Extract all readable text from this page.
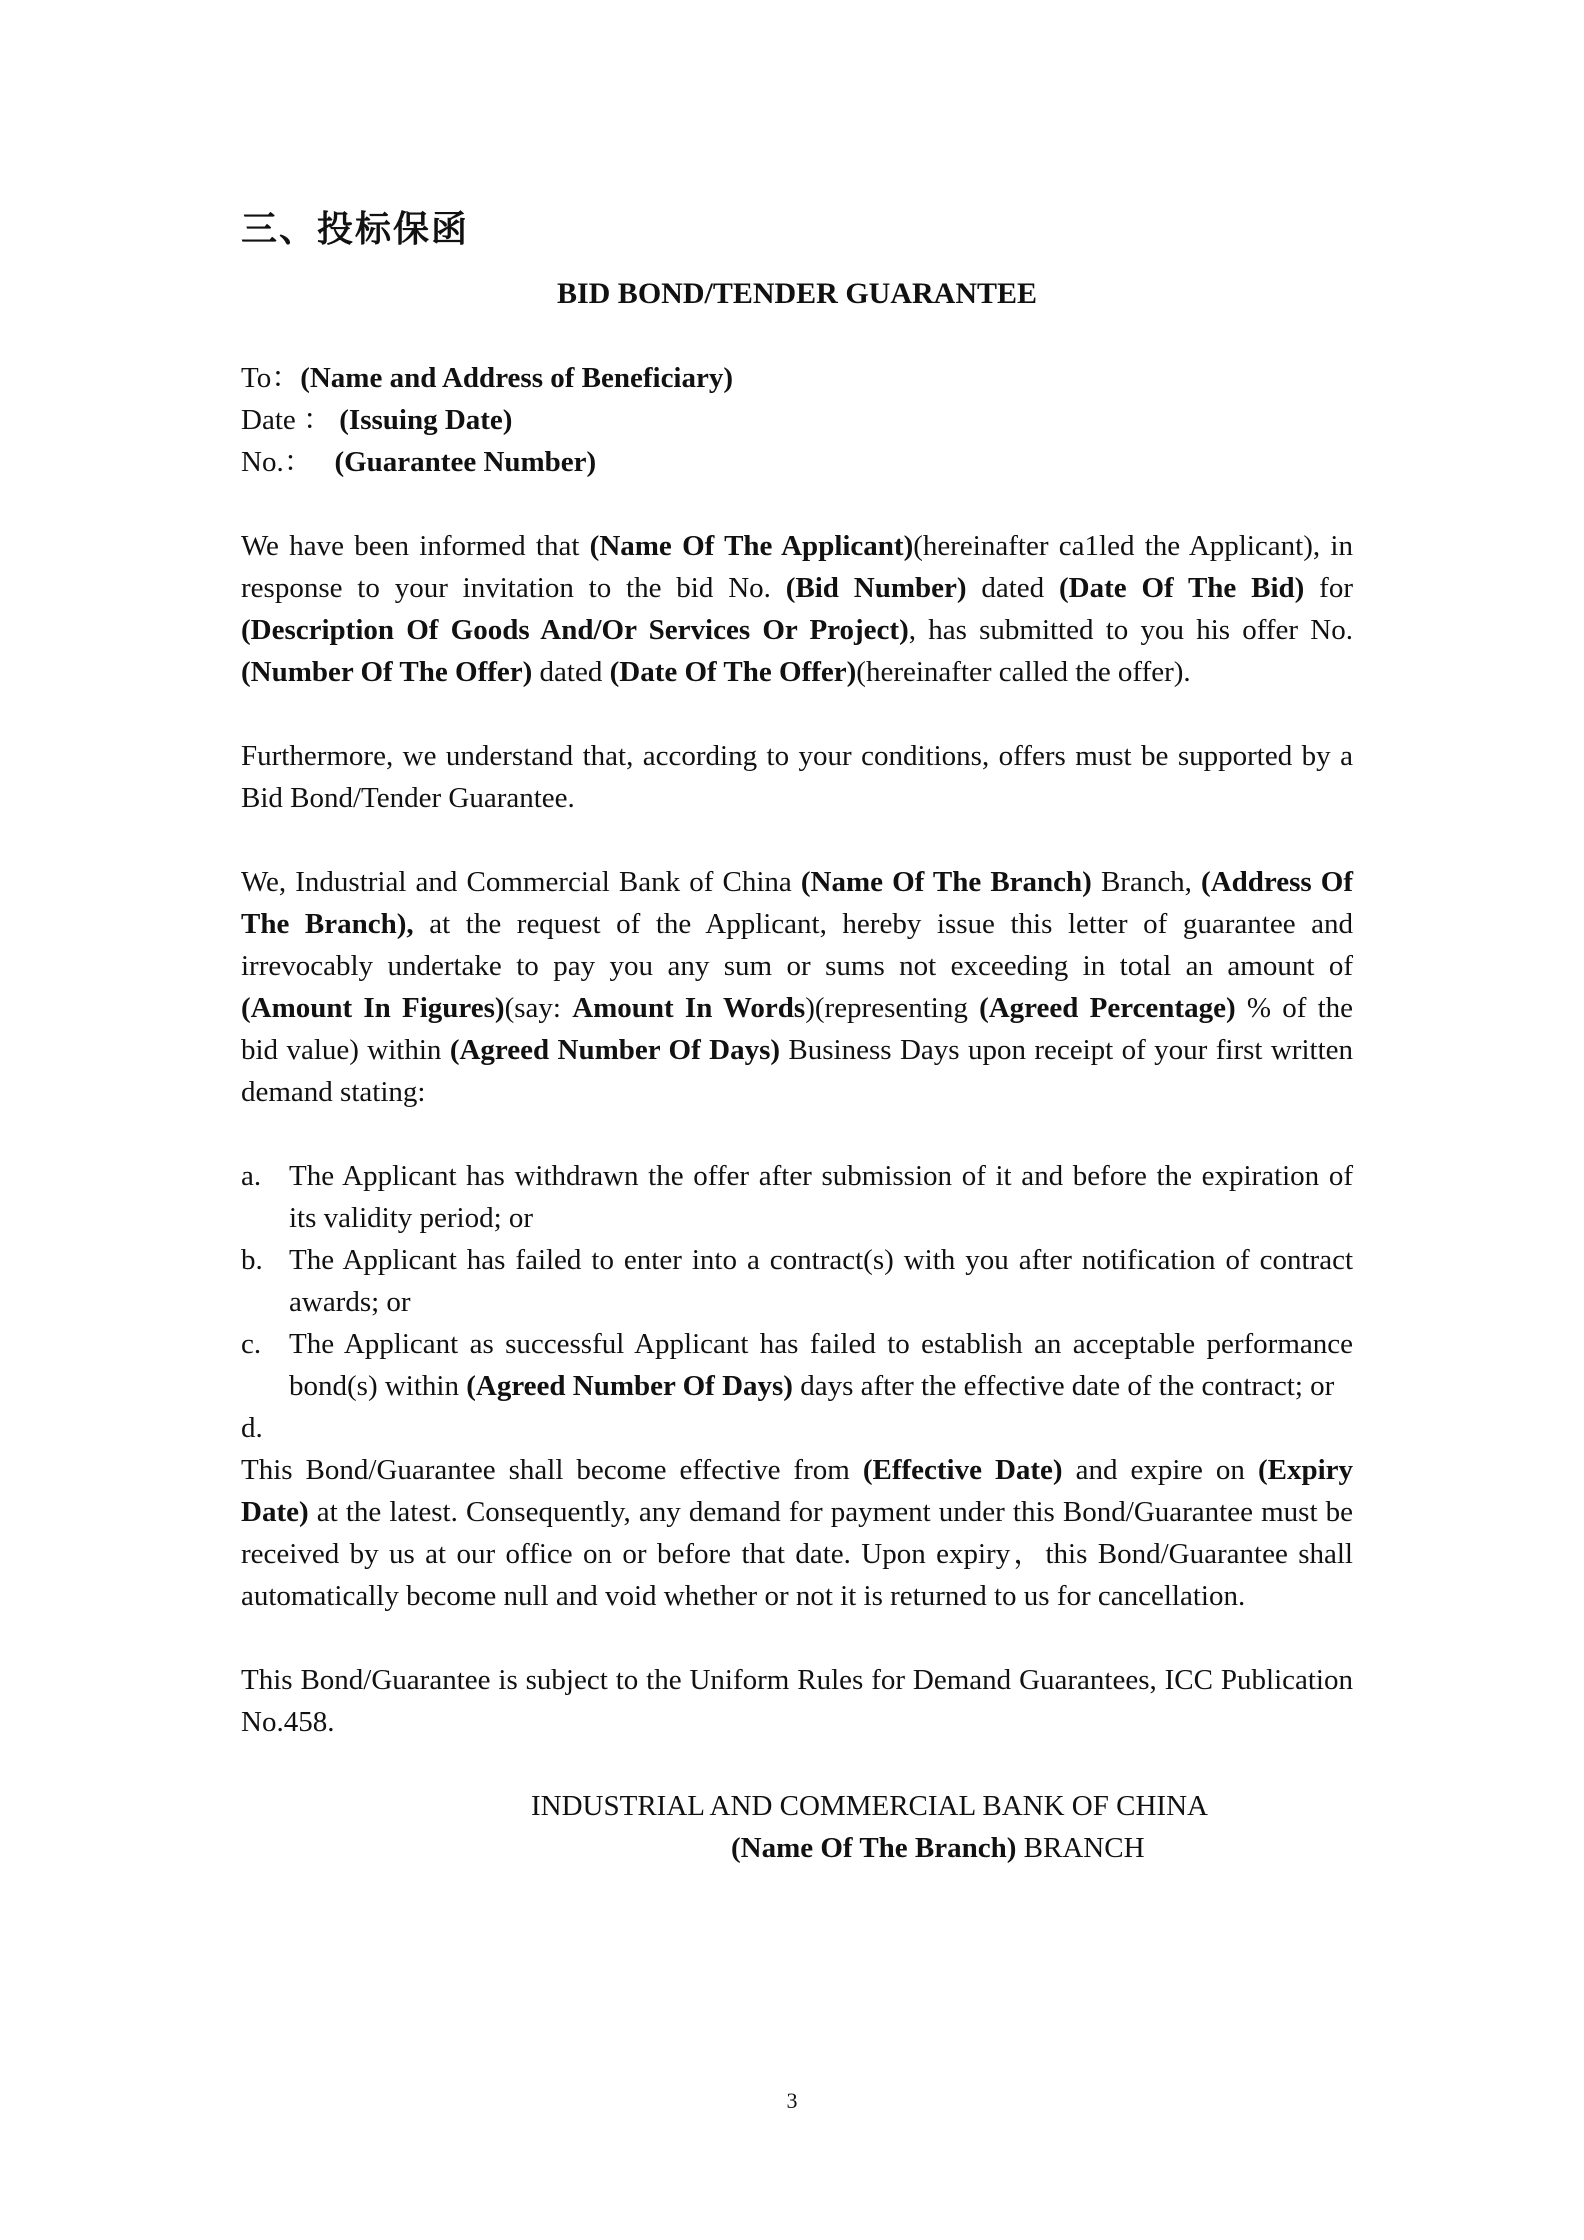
三、投标保函
BID BOND/TENDER GUARANTEE

To：(Name and Address of Beneficiary)

Date ： (Issuing Date)

No.： (Guarantee Number)

We have been informed that (Name Of The Applicant)(hereinafter ca1led the Applicant), in response to your invitation to the bid No. (Bid Number) dated (Date Of The Bid) for (Description Of Goods And/Or Services Or Project), has submitted to you his offer No. (Number Of The Offer) dated (Date Of The Offer)(hereinafter called the offer).

Furthermore, we understand that, according to your conditions, offers must be supported by a Bid Bond/Tender Guarantee.

We, Industrial and Commercial Bank of China (Name Of The Branch) Branch, (Address Of The Branch), at the request of the Applicant, hereby issue this letter of guarantee and irrevocably undertake to pay you any sum or sums not exceeding in total an amount of (Amount In Figures)(say: Amount In Words)(representing (Agreed Percentage) % of the bid value) within (Agreed Number Of Days) Business Days upon receipt of your first written demand stating:

a. The Applicant has withdrawn the offer after submission of it and before the expiration of its validity period; or
b. The Applicant has failed to enter into a contract(s) with you after notification of contract awards; or
c. The Applicant as successful Applicant has failed to establish an acceptable performance bond(s) within (Agreed Number Of Days) days after the effective date of the contract; or
d.

This Bond/Guarantee shall become effective from (Effective Date) and expire on (Expiry Date) at the latest. Consequently, any demand for payment under this Bond/Guarantee must be received by us at our office on or before that date. Upon expiry，this Bond/Guarantee shall automatically become null and void whether or not it is returned to us for cancellation.

This Bond/Guarantee is subject to the Uniform Rules for Demand Guarantees, ICC Publication No.458.

INDUSTRIAL AND COMMERCIAL BANK OF CHINA
(Name Of The Branch) BRANCH
3
